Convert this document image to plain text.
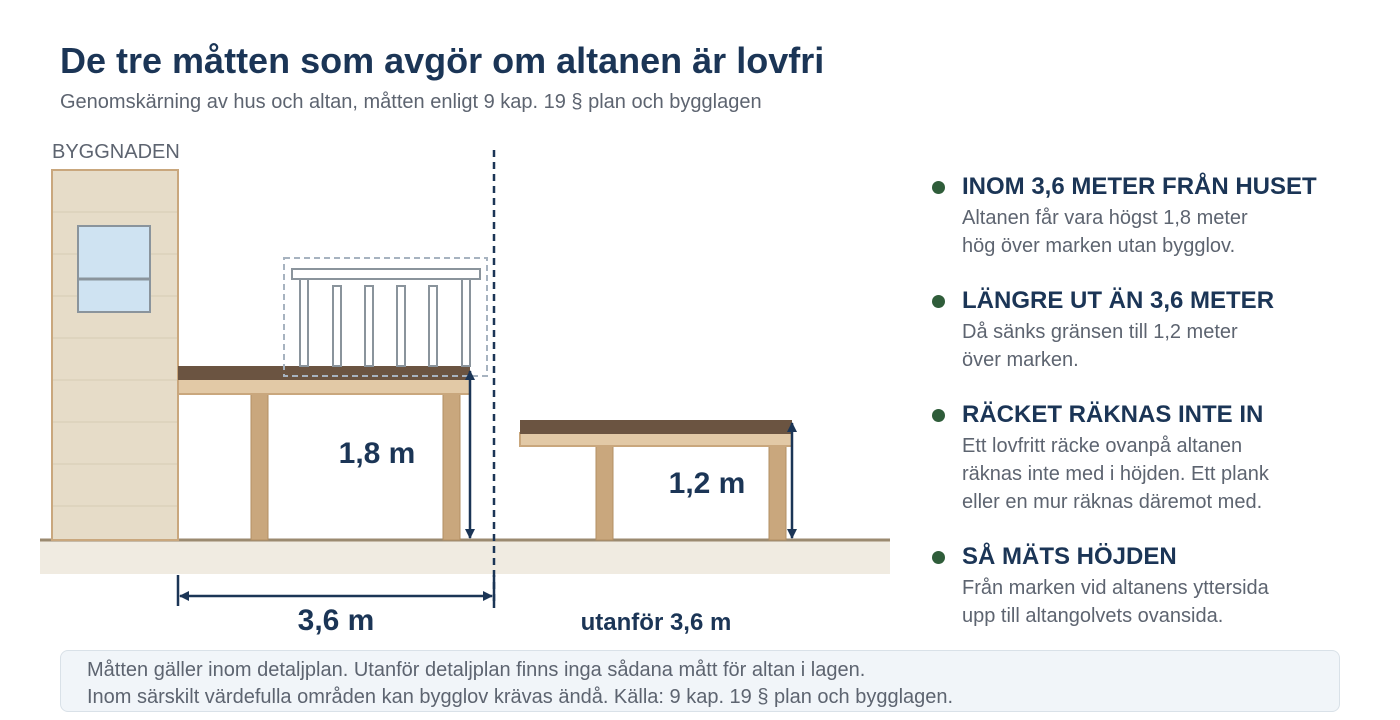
De tre måtten som avgör om altanen är lovfri
Genomskärning av hus och altan, måtten enligt 9 kap. 19 § plan och bygglagen
BYGGNADEN
1,8 m
1,2 m
3,6 m	utanför 3,6 m
INOM 3,6 METER FRÅN HUSET

Altanen får vara högst 1,8 meter
hög över marken utan bygglov.

LÄNGRE UT ÄN 3,6 METER

Då sänks gränsen till 1,2 meter
över marken.

RÄCKET RÄKNAS INTE IN

Ett lovfritt räcke ovanpå altanen
räknas inte med i höjden. Ett plank
eller en mur räknas däremot med.

SÅ MÄTS HÖJDEN

Från marken vid altanens yttersida
upp till altangolvets ovansida.

Måtten gäller inom detaljplan. Utanför detaljplan finns inga sådana mått för altan i lagen.
Inom särskilt värdefulla områden kan bygglov krävas ändå. Källa: 9 kap. 19 § plan och bygglagen.
